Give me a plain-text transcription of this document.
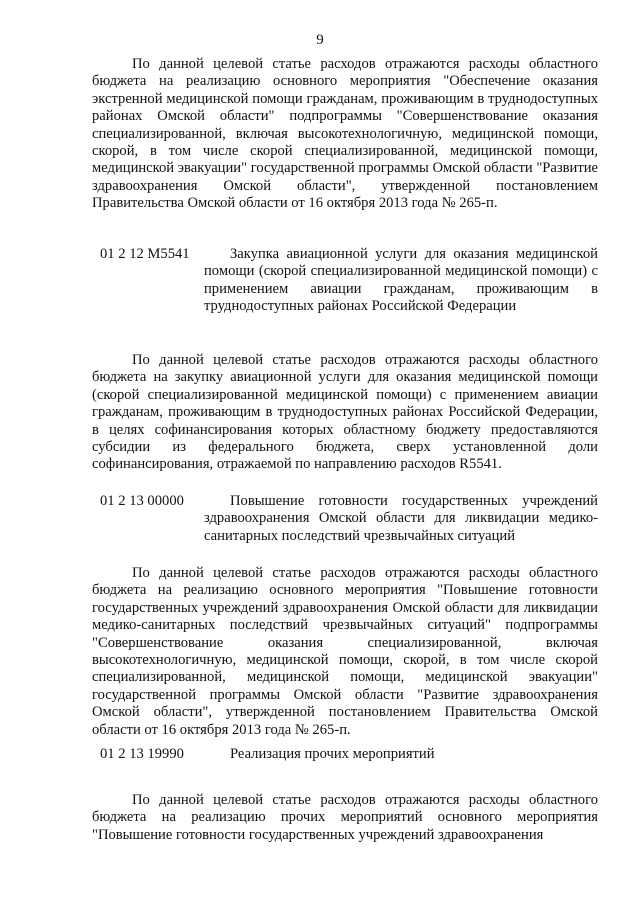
9

По данной целевой статье расходов отражаются расходы областного бюджета на реализацию основного мероприятия "Обеспечение оказания экстренной медицинской помощи гражданам, проживающим в труднодоступных районах Омской области" подпрограммы "Совершенствование оказания специализированной, включая высокотехнологичную, медицинской помощи, скорой, в том числе скорой специализированной, медицинской помощи, медицинской эвакуации" государственной программы Омской области "Развитие здравоохранения Омской области", утвержденной постановлением Правительства Омской области от 16 октября 2013 года № 265-п.

01 2 12 M5541	Закупка авиационной услуги для оказания медицинской помощи (скорой специализированной медицинской помощи) с применением авиации гражданам, проживающим в труднодоступных районах Российской Федерации

По данной целевой статье расходов отражаются расходы областного бюджета на закупку авиационной услуги для оказания медицинской помощи (скорой специализированной медицинской помощи) с применением авиации гражданам, проживающим в труднодоступных районах Российской Федерации, в целях софинансирования которых областному бюджету предоставляются субсидии из федерального бюджета, сверх установленной доли софинансирования, отражаемой по направлению расходов R5541.

01 2 13 00000	Повышение готовности государственных учреждений здравоохранения Омской области для ликвидации медико-санитарных последствий чрезвычайных ситуаций

По данной целевой статье расходов отражаются расходы областного бюджета на реализацию основного мероприятия "Повышение готовности государственных учреждений здравоохранения Омской области для ликвидации медико-санитарных последствий чрезвычайных ситуаций" подпрограммы "Совершенствование оказания специализированной, включая высокотехнологичную, медицинской помощи, скорой, в том числе скорой специализированной, медицинской помощи, медицинской эвакуации" государственной программы Омской области "Развитие здравоохранения Омской области", утвержденной постановлением Правительства Омской области от 16 октября 2013 года № 265-п.

01 2 13 19990	Реализация прочих мероприятий

По данной целевой статье расходов отражаются расходы областного бюджета на реализацию прочих мероприятий основного мероприятия "Повышение готовности государственных учреждений здравоохранения
